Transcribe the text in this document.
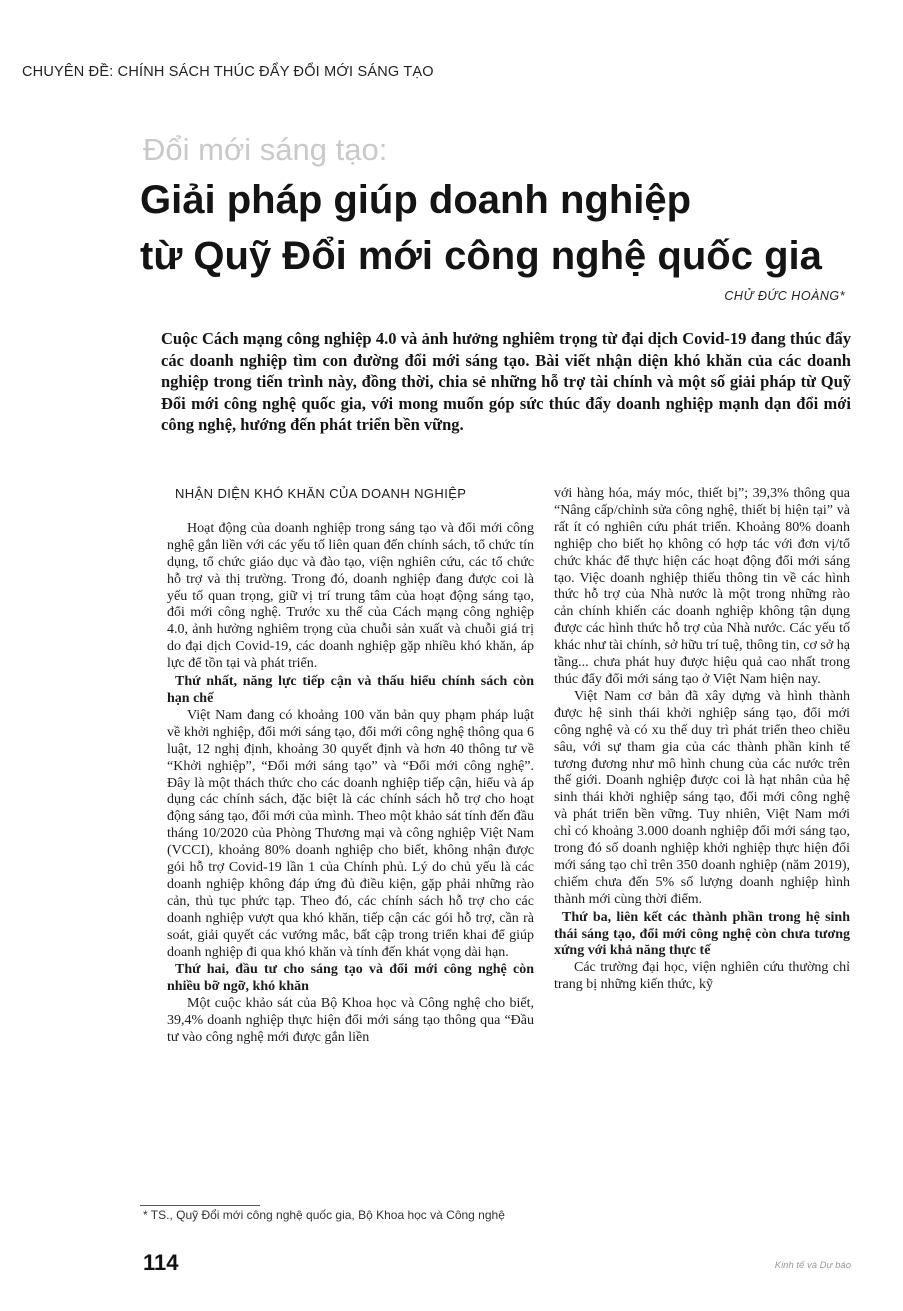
CHUYÊN ĐỀ: CHÍNH SÁCH THÚC ĐẨY ĐỔI MỚI SÁNG TẠO
Đổi mới sáng tạo:
Giải pháp giúp doanh nghiệp
từ Quỹ Đổi mới công nghệ quốc gia
CHỬ ĐỨC HOÀNG*
Cuộc Cách mạng công nghiệp 4.0 và ảnh hưởng nghiêm trọng từ đại dịch Covid-19 đang thúc đẩy các doanh nghiệp tìm con đường đổi mới sáng tạo. Bài viết nhận diện khó khăn của các doanh nghiệp trong tiến trình này, đồng thời, chia sẻ những hỗ trợ tài chính và một số giải pháp từ Quỹ Đổi mới công nghệ quốc gia, với mong muốn góp sức thúc đẩy doanh nghiệp mạnh dạn đổi mới công nghệ, hướng đến phát triển bền vững.
NHẬN DIỆN KHÓ KHĂN CỦA DOANH NGHIỆP

Hoạt động của doanh nghiệp trong sáng tạo và đổi mới công nghệ gắn liền với các yếu tố liên quan đến chính sách, tổ chức tín dụng, tổ chức giáo dục và đào tạo, viện nghiên cứu, các tổ chức hỗ trợ và thị trường. Trong đó, doanh nghiệp đang được coi là yếu tố quan trọng, giữ vị trí trung tâm của hoạt động sáng tạo, đổi mới công nghệ. Trước xu thế của Cách mạng công nghiệp 4.0, ảnh hưởng nghiêm trọng của chuỗi sản xuất và chuỗi giá trị do đại dịch Covid-19, các doanh nghiệp gặp nhiều khó khăn, áp lực để tồn tại và phát triển.

Thứ nhất, năng lực tiếp cận và thấu hiểu chính sách còn hạn chế

Việt Nam đang có khoảng 100 văn bản quy phạm pháp luật về khởi nghiệp, đổi mới sáng tạo, đổi mới công nghệ thông qua 6 luật, 12 nghị định, khoảng 30 quyết định và hơn 40 thông tư về “Khởi nghiệp”, “Đổi mới sáng tạo” và “Đổi mới công nghệ”. Đây là một thách thức cho các doanh nghiệp tiếp cận, hiểu và áp dụng các chính sách, đặc biệt là các chính sách hỗ trợ cho hoạt động sáng tạo, đổi mới của mình. Theo một khảo sát tính đến đầu tháng 10/2020 của Phòng Thương mại và công nghiệp Việt Nam (VCCI), khoảng 80% doanh nghiệp cho biết, không nhận được gói hỗ trợ Covid-19 lần 1 của Chính phủ. Lý do chủ yếu là các doanh nghiệp không đáp ứng đủ điều kiện, gặp phải những rào cản, thủ tục phức tạp. Theo đó, các chính sách hỗ trợ cho các doanh nghiệp vượt qua khó khăn, tiếp cận các gói hỗ trợ, cần rà soát, giải quyết các vướng mắc, bất cập trong triển khai để giúp doanh nghiệp đi qua khó khăn và tính đến khát vọng dài hạn.

Thứ hai, đầu tư cho sáng tạo và đổi mới công nghệ còn nhiều bỡ ngỡ, khó khăn

Một cuộc khảo sát của Bộ Khoa học và Công nghệ cho biết, 39,4% doanh nghiệp thực hiện đổi mới sáng tạo thông qua “Đầu tư vào công nghệ mới được gắn liền

với hàng hóa, máy móc, thiết bị”; 39,3% thông qua “Nâng cấp/chỉnh sửa công nghệ, thiết bị hiện tại” và rất ít có nghiên cứu phát triển. Khoảng 80% doanh nghiệp cho biết họ không có hợp tác với đơn vị/tổ chức khác để thực hiện các hoạt động đổi mới sáng tạo. Việc doanh nghiệp thiếu thông tin về các hình thức hỗ trợ của Nhà nước là một trong những rào cản chính khiến các doanh nghiệp không tận dụng được các hình thức hỗ trợ của Nhà nước. Các yếu tố khác như tài chính, sở hữu trí tuệ, thông tin, cơ sở hạ tầng... chưa phát huy được hiệu quả cao nhất trong thúc đẩy đổi mới sáng tạo ở Việt Nam hiện nay.

Việt Nam cơ bản đã xây dựng và hình thành được hệ sinh thái khởi nghiệp sáng tạo, đổi mới công nghệ và có xu thế duy trì phát triển theo chiều sâu, với sự tham gia của các thành phần kinh tế tương đương như mô hình chung của các nước trên thế giới. Doanh nghiệp được coi là hạt nhân của hệ sinh thái khởi nghiệp sáng tạo, đổi mới công nghệ và phát triển bền vững. Tuy nhiên, Việt Nam mới chỉ có khoảng 3.000 doanh nghiệp đổi mới sáng tạo, trong đó số doanh nghiệp khởi nghiệp thực hiện đổi mới sáng tạo chỉ trên 350 doanh nghiệp (năm 2019), chiếm chưa đến 5% số lượng doanh nghiệp hình thành mới cùng thời điểm.

Thứ ba, liên kết các thành phần trong hệ sinh thái sáng tạo, đổi mới công nghệ còn chưa tương xứng với khả năng thực tế

Các trường đại học, viện nghiên cứu thường chỉ trang bị những kiến thức, kỹ

* TS., Quỹ Đổi mới công nghệ quốc gia, Bộ Khoa học và Công nghệ
114	Kinh tế và Dự báo
